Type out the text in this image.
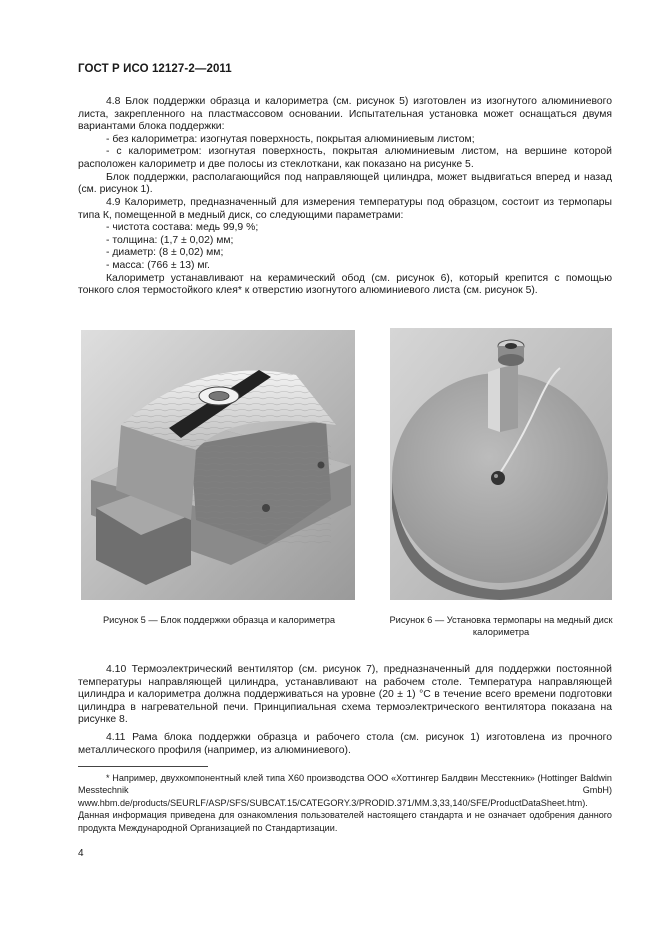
ГОСТ Р ИСО 12127-2—2011

4.8 Блок поддержки образца и калориметра (см. рисунок 5) изготовлен из изогнутого алюминиевого листа, закрепленного на пластмассовом основании. Испытательная установка может оснащаться двумя вариантами блока поддержки:

- без калориметра: изогнутая поверхность, покрытая алюминиевым листом;

- с калориметром: изогнутая поверхность, покрытая алюминиевым листом, на вершине которой расположен калориметр и две полосы из стеклоткани, как показано на рисунке 5.

Блок поддержки, располагающийся под направляющей цилиндра, может выдвигаться вперед и назад (см. рисунок 1).

4.9 Калориметр, предназначенный для измерения температуры под образцом, состоит из термопары типа К, помещенной в медный диск, со следующими параметрами:

- чистота состава: медь 99,9 %;

- толщина: (1,7 ± 0,02) мм;

- диаметр: (8 ± 0,02) мм;

- масса: (766 ± 13) мг.

Калориметр устанавливают на керамический обод (см. рисунок 6), который крепится с помощью тонкого слоя термостойкого клея* к отверстию изогнутого алюминиевого листа (см. рисунок 5).

Рисунок 5 — Блок поддержки образца и калориметра	Рисунок 6 — Установка термопары на медный диск калориметра

4.10 Термоэлектрический вентилятор (см. рисунок 7), предназначенный для поддержки постоянной температуры направляющей цилиндра, устанавливают на рабочем столе. Температура направляющей цилиндра и калориметра должна поддерживаться на уровне (20 ± 1) °С в течение всего времени подготовки цилиндра в нагревательной печи. Принципиальная схема термоэлектрического вентилятора показана на рисунке 8.

4.11 Рама блока поддержки образца и рабочего стола (см. рисунок 1) изготовлена из прочного металлического профиля (например, из алюминиевого).

* Например, двухкомпонентный клей типа Х60 производства ООО «Хоттингер Балдвин Месстекник» (Hottinger Baldwin Messtechnik GmbH) www.hbm.de/products/SEURLF/ASP/SFS/SUBCAT.15/CATEGORY.3/PRODID.371/MM.3,33,140/SFE/ProductDataSheet.htm). Данная информация приведена для ознакомления пользователей настоящего стандарта и не означает одобрения данного продукта Международной Организацией по Стандартизации.

4
